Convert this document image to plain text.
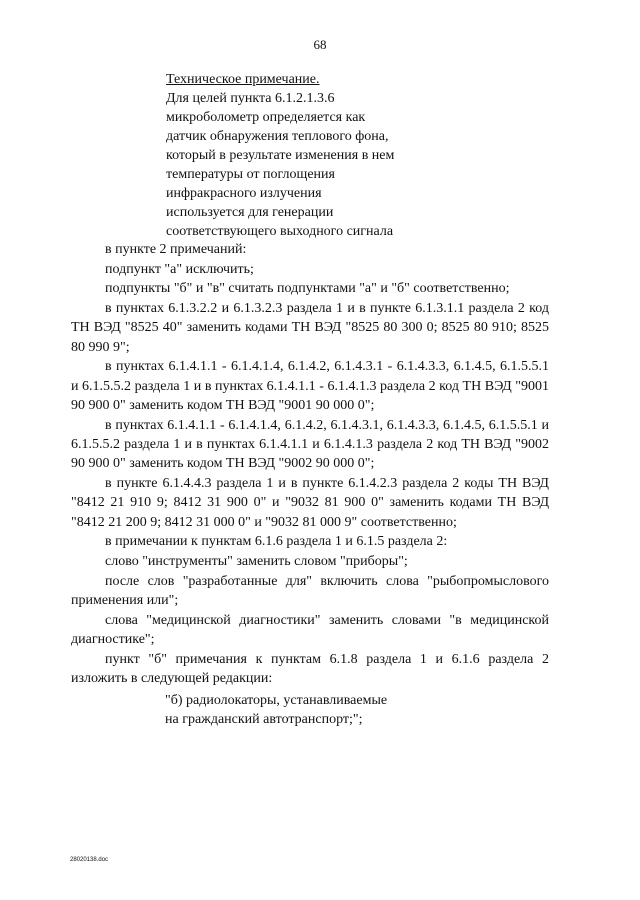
68
Техническое примечание.
Для целей пункта 6.1.2.1.3.6
микроболометр определяется как
датчик обнаружения теплового фона,
который в результате изменения в нем
температуры от поглощения
инфракрасного излучения
используется для генерации
соответствующего выходного сигнала
в пункте 2 примечаний:
подпункт "а" исключить;
подпункты "б" и "в" считать подпунктами "а" и "б" соответственно;
в пунктах 6.1.3.2.2 и 6.1.3.2.3 раздела 1 и в пункте 6.1.3.1.1 раздела 2 код ТН ВЭД "8525 40" заменить кодами ТН ВЭД "8525 80 300 0; 8525 80 910; 8525 80 990 9";
в пунктах 6.1.4.1.1 - 6.1.4.1.4, 6.1.4.2, 6.1.4.3.1 - 6.1.4.3.3, 6.1.4.5, 6.1.5.5.1 и 6.1.5.5.2 раздела 1 и в пунктах 6.1.4.1.1 - 6.1.4.1.3 раздела 2 код ТН ВЭД "9001 90 900 0" заменить кодом ТН ВЭД "9001 90 000 0";
в пунктах 6.1.4.1.1 - 6.1.4.1.4, 6.1.4.2, 6.1.4.3.1, 6.1.4.3.3, 6.1.4.5, 6.1.5.5.1 и 6.1.5.5.2 раздела 1 и в пунктах 6.1.4.1.1 и 6.1.4.1.3 раздела 2 код ТН ВЭД "9002 90 900 0" заменить кодом ТН ВЭД "9002 90 000 0";
в пункте 6.1.4.4.3 раздела 1 и в пункте 6.1.4.2.3 раздела 2 коды ТН ВЭД "8412 21 910 9; 8412 31 900 0" и "9032 81 900 0" заменить кодами ТН ВЭД "8412 21 200 9; 8412 31 000 0" и "9032 81 000 9" соответственно;
в примечании к пунктам 6.1.6 раздела 1 и 6.1.5 раздела 2:
слово "инструменты" заменить словом "приборы";
после слов "разработанные для" включить слова "рыбопромыслового применения или";
слова "медицинской диагностики" заменить словами "в медицинской диагностике";
пункт "б" примечания к пунктам 6.1.8 раздела 1 и 6.1.6 раздела 2 изложить в следующей редакции:
"б) радиолокаторы, устанавливаемые
на гражданский автотранспорт;";
28020138.doc
